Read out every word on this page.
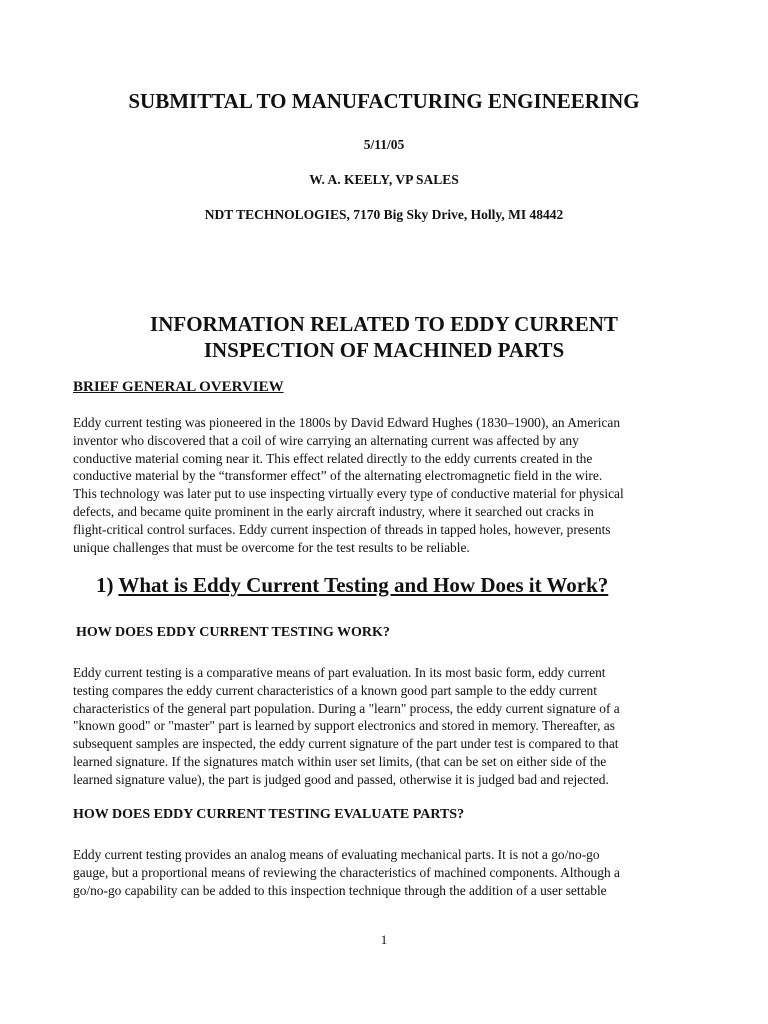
SUBMITTAL TO MANUFACTURING ENGINEERING
5/11/05
W. A. KEELY, VP SALES
NDT TECHNOLOGIES, 7170 Big Sky Drive, Holly, MI 48442
INFORMATION RELATED TO EDDY CURRENT
INSPECTION OF MACHINED PARTS
BRIEF GENERAL OVERVIEW
Eddy current testing was pioneered in the 1800s by David Edward Hughes (1830–1900), an American
inventor who discovered that a coil of wire carrying an alternating current was affected by any
conductive material coming near it. This effect related directly to the eddy currents created in the
conductive material by the “transformer effect” of the alternating electromagnetic field in the wire.
This technology was later put to use inspecting virtually every type of conductive material for physical
defects, and became quite prominent in the early aircraft industry, where it searched out cracks in
flight-critical control surfaces. Eddy current inspection of threads in tapped holes, however, presents
unique challenges that must be overcome for the test results to be reliable.
1) What is Eddy Current Testing and How Does it Work?
HOW DOES EDDY CURRENT TESTING WORK?
Eddy current testing is a comparative means of part evaluation. In its most basic form, eddy current
testing compares the eddy current characteristics of a known good part sample to the eddy current
characteristics of the general part population. During a "learn" process, the eddy current signature of a
"known good" or "master" part is learned by support electronics and stored in memory. Thereafter, as
subsequent samples are inspected, the eddy current signature of the part under test is compared to that
learned signature. If the signatures match within user set limits, (that can be set on either side of the
learned signature value), the part is judged good and passed, otherwise it is judged bad and rejected.
HOW DOES EDDY CURRENT TESTING EVALUATE PARTS?
Eddy current testing provides an analog means of evaluating mechanical parts. It is not a go/no-go
gauge, but a proportional means of reviewing the characteristics of machined components. Although a
go/no-go capability can be added to this inspection technique through the addition of a user settable
1
